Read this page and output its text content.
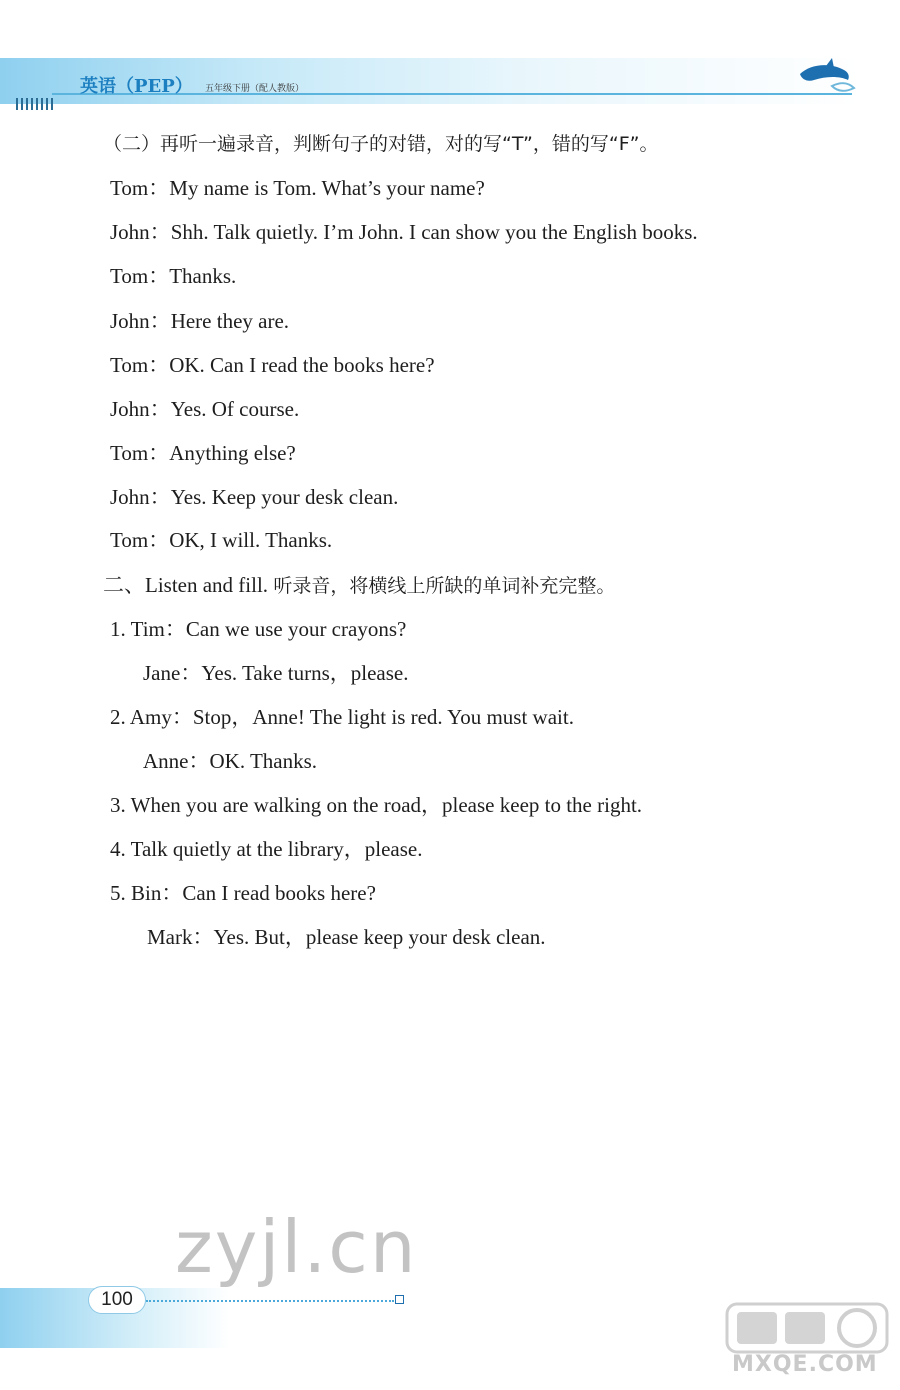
英语（PEP） 五年级下册（配人教版）
（二）再听一遍录音，判断句子的对错，对的写“T”，错的写“F”。
Tom：My name is Tom. What’s your name?
John：Shh. Talk quietly. I’m John. I can show you the English books.
Tom：Thanks.
John：Here they are.
Tom：OK. Can I read the books here?
John：Yes. Of course.
Tom：Anything else?
John：Yes. Keep your desk clean.
Tom：OK, I will. Thanks.
二、Listen and fill. 听录音，将横线上所缺的单词补充完整。
1. Tim：Can we use your crayons?
Jane：Yes. Take turns，please.
2. Amy：Stop，Anne! The light is red. You must wait.
Anne：OK. Thanks.
3. When you are walking on the road，please keep to the right.
4. Talk quietly at the library，please.
5. Bin：Can I read books here?
Mark：Yes. But，please keep your desk clean.
100
zyjl.cn
MXQE.COM
